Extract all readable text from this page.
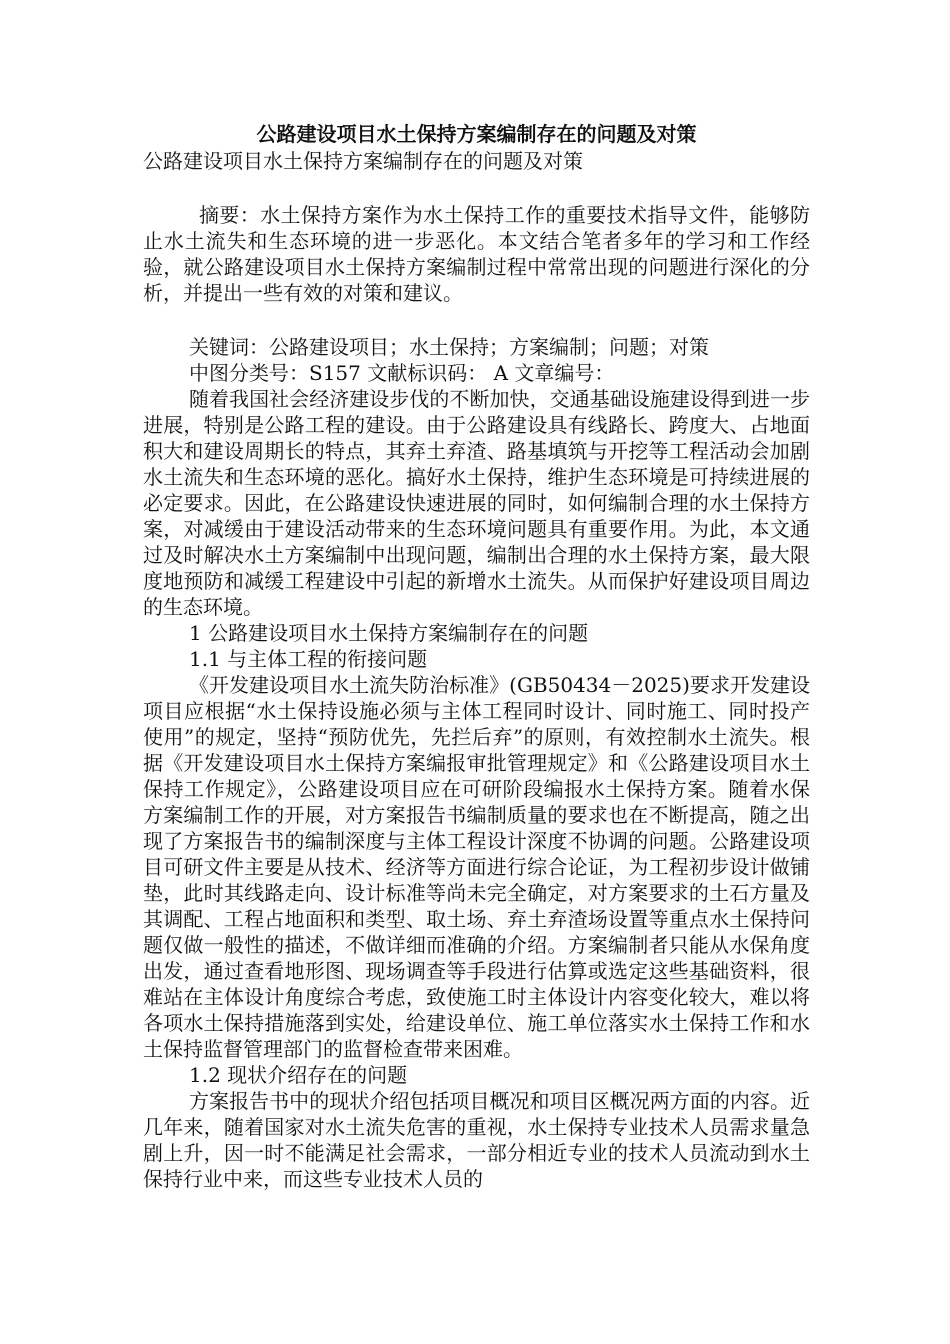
公路建设项目水土保持方案编制存在的问题及对策

公路建设项目水土保持方案编制存在的问题及对策

摘要：水土保持方案作为水土保持工作的重要技术指导文件，能够防止水土流失和生态环境的进一步恶化。本文结合笔者多年的学习和工作经验，就公路建设项目水土保持方案编制过程中常常出现的问题进行深化的分析，并提出一些有效的对策和建议。

关键词：公路建设项目；水土保持；方案编制；问题；对策

中图分类号：S157 文献标识码： A 文章编号：

随着我国社会经济建设步伐的不断加快，交通基础设施建设得到进一步进展，特别是公路工程的建设。由于公路建设具有线路长、跨度大、占地面积大和建设周期长的特点，其弃土弃渣、路基填筑与开挖等工程活动会加剧水土流失和生态环境的恶化。搞好水土保持，维护生态环境是可持续进展的必定要求。因此，在公路建设快速进展的同时，如何编制合理的水土保持方案，对减缓由于建设活动带来的生态环境问题具有重要作用。为此，本文通过及时解决水土方案编制中出现问题，编制出合理的水土保持方案，最大限度地预防和减缓工程建设中引起的新增水土流失。从而保护好建设项目周边的生态环境。

1 公路建设项目水土保持方案编制存在的问题

1.1 与主体工程的衔接问题

《开发建设项目水土流失防治标准》(GB50434－2025)要求开发建设项目应根据“水土保持设施必须与主体工程同时设计、同时施工、同时投产使用”的规定，坚持“预防优先，先拦后弃”的原则，有效控制水土流失。根据《开发建设项目水土保持方案编报审批管理规定》和《公路建设项目水土保持工作规定》，公路建设项目应在可研阶段编报水土保持方案。随着水保方案编制工作的开展，对方案报告书编制质量的要求也在不断提高，随之出现了方案报告书的编制深度与主体工程设计深度不协调的问题。公路建设项目可研文件主要是从技术、经济等方面进行综合论证，为工程初步设计做铺垫，此时其线路走向、设计标准等尚未完全确定，对方案要求的土石方量及其调配、工程占地面积和类型、取土场、弃土弃渣场设置等重点水土保持问题仅做一般性的描述，不做详细而准确的介绍。方案编制者只能从水保角度出发，通过查看地形图、现场调查等手段进行估算或选定这些基础资料，很难站在主体设计角度综合考虑，致使施工时主体设计内容变化较大，难以将各项水土保持措施落到实处，给建设单位、施工单位落实水土保持工作和水土保持监督管理部门的监督检查带来困难。

1.2 现状介绍存在的问题

方案报告书中的现状介绍包括项目概况和项目区概况两方面的内容。近几年来，随着国家对水土流失危害的重视，水土保持专业技术人员需求量急剧上升，因一时不能满足社会需求，一部分相近专业的技术人员流动到水土保持行业中来，而这些专业技术人员的
